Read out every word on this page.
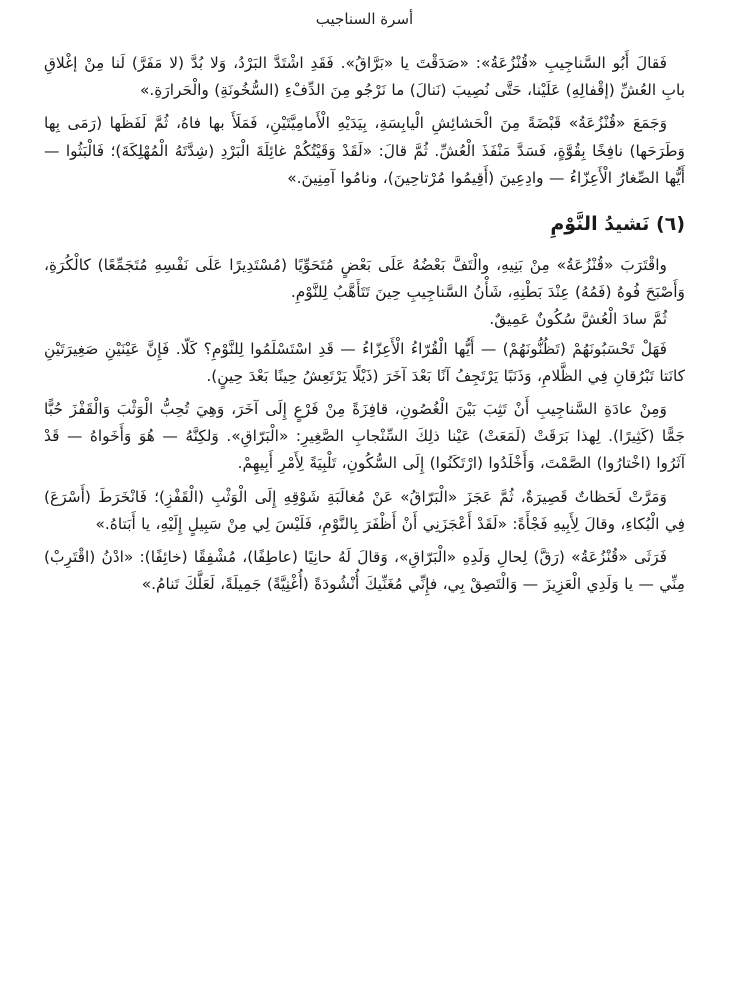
أسرة السناجيب

فَقالَ أَبُو السَّناجِيبِ «قُنْزُعَةُ»: «صَدَقْتَ يا «بَرَّاقُ». فَقَدِ اشْتَدَّ البَرْدُ، وَلا بُدَّ (لا مَفَرَّ) لَنا مِنْ إغْلاقِ بابِ العُشِّ (إقْفالِهِ) عَلَيْنا، حَتَّى نُصِيبَ (نَنالَ) ما نَرْجُو مِنَ الدِّفْءِ (السُّخُونَةِ) والْحَرارَةِ.»

وَجَمَعَ «قُنْزُعَةُ» قَبْضَةً مِنَ الْحَشائِشِ الْيابِسَةِ، بِيَدَيْهِ الْأَمامِيَّتَيْنِ، فَمَلَأَ بها فاهُ، ثُمَّ لَفَظَها (رَمَى بِها وَطَرَحَها) نافِخًا بِقُوَّةٍ، فَسَدَّ مَنْفَذَ الْعُشِّ. ثُمَّ قالَ: «لَقَدْ وَقَيْتُكُمْ غائِلَةَ الْبَرْدِ (شِدَّتَهُ الْمُهْلِكَةَ)؛ فَالْبَثُوا — أَيُّها الصِّغارُ الْأَعِزّاءُ — وادِعِينَ (أَقِيمُوا مُرْتاحِينَ)، ونامُوا آمِنِينَ.»

(٦) نَشيدُ النَّوْمِ

واقْتَرَبَ «قُنْزُعَةُ» مِنْ بَنِيهِ، والْتَفَّ بَعْضُهُ عَلَى بَعْضٍ مُتَحَوِّيًا (مُسْتَدِيرًا عَلَى نَفْسِهِ مُتَجَمِّعًا) كالْكُرَةِ، وَأَصْبَحَ فُوهُ (فَمُهُ) عِنْدَ بَطْنِهِ، شَأْنُ السَّناجِيبِ حِينَ تَتَأَهَّبُ لِلنَّوْمِ.

ثُمَّ سادَ الْعُشَّ سُكُونٌ عَمِيقٌ.

فَهَلْ تَحْسَبُونَهُمْ (تَظُنُّونَهُمْ) — أَيُّها الْقُرّاءُ الْأَعِزّاءُ — قَدِ اسْتَسْلَمُوا لِلنَّوْمِ؟ كَلّا. فَإِنَّ عَيْنَيْنِ صَغِيرَتَيْنِ كانَتا تَبْرُقانِ فِي الظَّلامِ، وَذَنَبًا يَرْتَجِفُ آنًا بَعْدَ آخَرَ (ذَيْلًا يَرْتَعِشُ حِينًا بَعْدَ حِينٍ).

وَمِنْ عادَةِ السَّناجِيبِ أَنْ تَثِبَ بَيْنَ الْغُصُونِ، قافِزَةً مِنْ فَرْعٍ إِلَى آخَرَ، وَهِيَ تُحِبُّ الْوَثْبَ وَالْقَفْزَ حُبًّا جَمًّا (كَثِيرًا). لِهذا بَرَقَتْ (لَمَعَتْ) عَيْنا ذلِكَ السِّنْجابِ الصَّغِيرِ: «الْبَرّاقِ». وَلكِنَّهُ — هُوَ وَأَخَواهُ — قَدْ آثَرُوا (اخْتارُوا) الصَّمْتَ، وَأَخْلَدُوا (ارْتَكَنُوا) إِلَى السُّكُونِ، تَلْبِيَةً لِأَمْرِ أَبِيهِمْ.

وَمَرَّتْ لَحَظاتٌ قَصِيرَةٌ، ثُمَّ عَجَزَ «الْبَرّاقُ» عَنْ مُغالَبَةِ شَوْقِهِ إِلَى الْوَثْبِ (الْقَفْزِ)؛ فَانْخَرَطَ (أَسْرَعَ) فِي الْبُكاءِ، وقالَ لِأَبِيهِ فَجْأَةً: «لَقَدْ أَعْجَزَنِي أَنْ أَظْفَرَ بِالنَّوْمِ، فَلَيْسَ لِي مِنْ سَبِيلٍ إِلَيْهِ، يا أَبَتاهُ.»

فَرَثَى «قُنْزُعَةُ» (رَقَّ) لِحالِ وَلَدِهِ «الْبَرّاقِ»، وَقالَ لَهُ حانِيًا (عاطِفًا)، مُشْفِقًا (خائِفًا): «ادْنُ (اقْتَرِبْ) مِنِّي — يا وَلَدِي الْعَزِيزَ — وَالْتَصِقْ بِي، فإِنِّي مُغَنِّيكَ أُنْشُودَةً (أُغْنِيَّةً) جَمِيلَةً، لَعَلَّكَ تَنامُ.»
